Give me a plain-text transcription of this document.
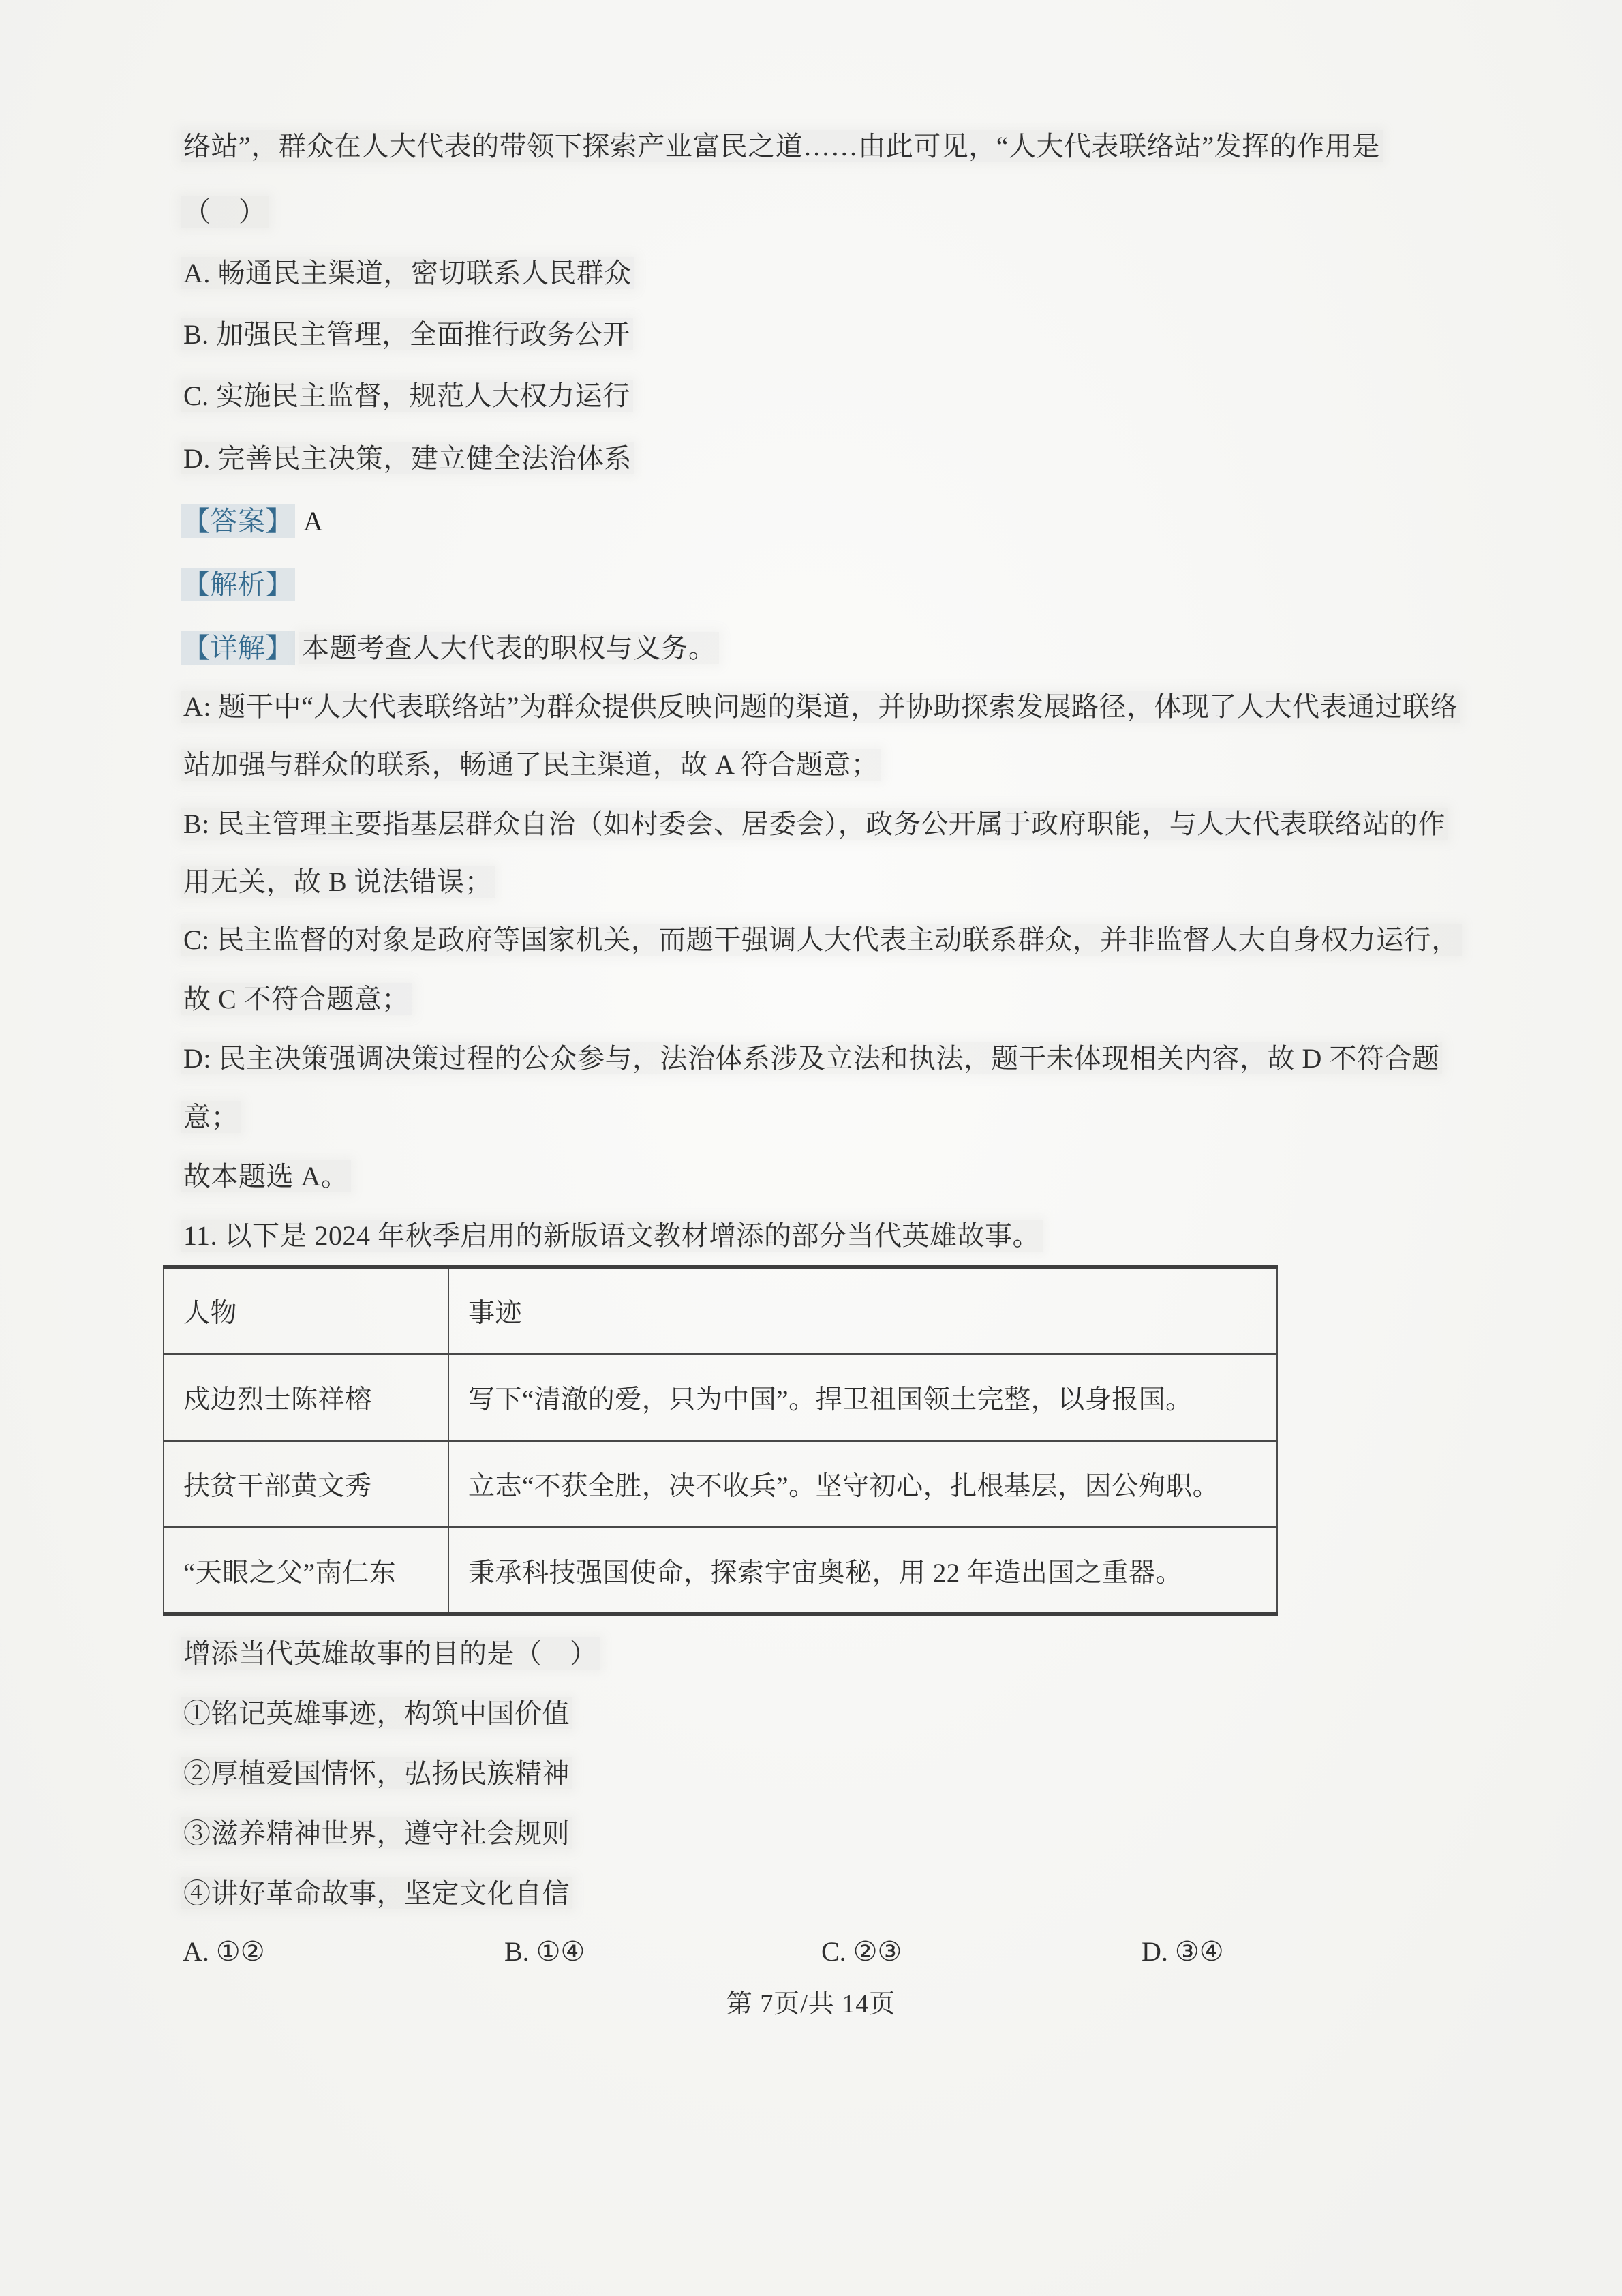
络站”，群众在人大代表的带领下探索产业富民之道……由此可见，“人大代表联络站”发挥的作用是
（　）
A. 畅通民主渠道，密切联系人民群众
B. 加强民主管理，全面推行政务公开
C. 实施民主监督，规范人大权力运行
D. 完善民主决策，建立健全法治体系
【答案】 A
【解析】
【详解】 本题考查人大代表的职权与义务。
A: 题干中“人大代表联络站”为群众提供反映问题的渠道，并协助探索发展路径，体现了人大代表通过联络
站加强与群众的联系，畅通了民主渠道，故 A 符合题意；
B: 民主管理主要指基层群众自治（如村委会、居委会），政务公开属于政府职能，与人大代表联络站的作
用无关，故 B 说法错误；
C: 民主监督的对象是政府等国家机关，而题干强调人大代表主动联系群众，并非监督人大自身权力运行，
故 C 不符合题意；
D: 民主决策强调决策过程的公众参与，法治体系涉及立法和执法，题干未体现相关内容，故 D 不符合题
意；
故本题选 A。
11. 以下是 2024 年秋季启用的新版语文教材增添的部分当代英雄故事。
人物	事迹
戍边烈士陈祥榕	写下“清澈的爱，只为中国”。捍卫祖国领土完整，以身报国。
扶贫干部黄文秀	立志“不获全胜，决不收兵”。坚守初心，扎根基层，因公殉职。
“天眼之父”南仁东	秉承科技强国使命，探索宇宙奥秘，用 22 年造出国之重器。
增添当代英雄故事的目的是（　）
①铭记英雄事迹，构筑中国价值
②厚植爱国情怀，弘扬民族精神
③滋养精神世界，遵守社会规则
④讲好革命故事，坚定文化自信
A. ①②	B. ①④	C. ②③	D. ③④
第 7页/共 14页
